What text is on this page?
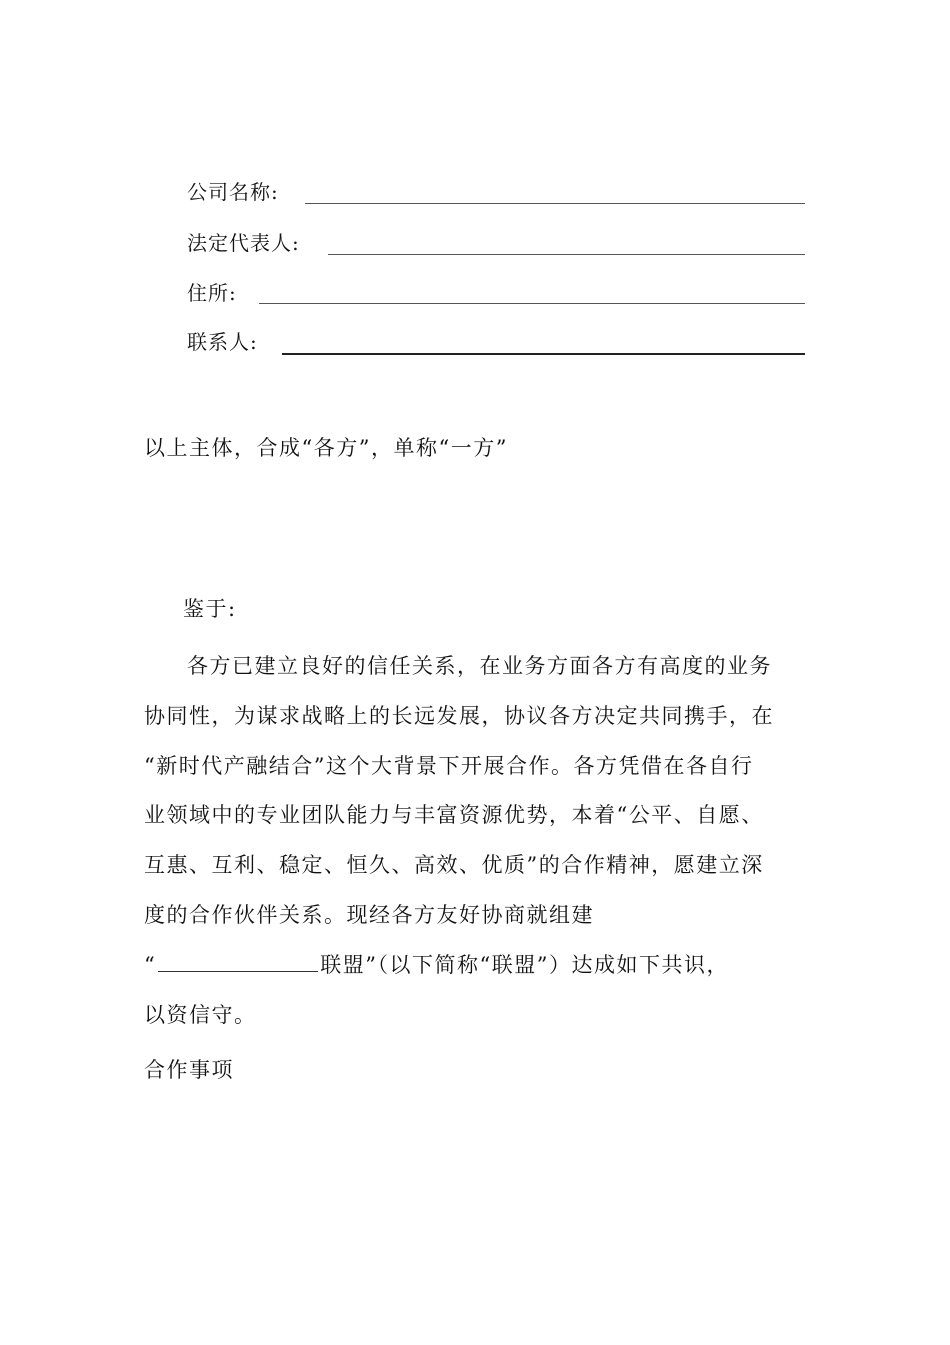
公司名称:
法定代表人:
住所:
联系人:
以上主体，合成“各方”，单称“一方”
鉴于:
各方已建立良好的信任关系，在业务方面各方有高度的业务
协同性，为谋求战略上的长远发展，协议各方决定共同携手，在
“新时代产融结合”这个大背景下开展合作。各方凭借在各自行
业领域中的专业团队能力与丰富资源优势，本着“公平、自愿、
互惠、互利、稳定、恒久、高效、优质”的合作精神，愿建立深
度的合作伙伴关系。现经各方友好协商就组建
“	联盟”（以下简称“联盟”）达成如下共识，
以资信守。
合作事项
